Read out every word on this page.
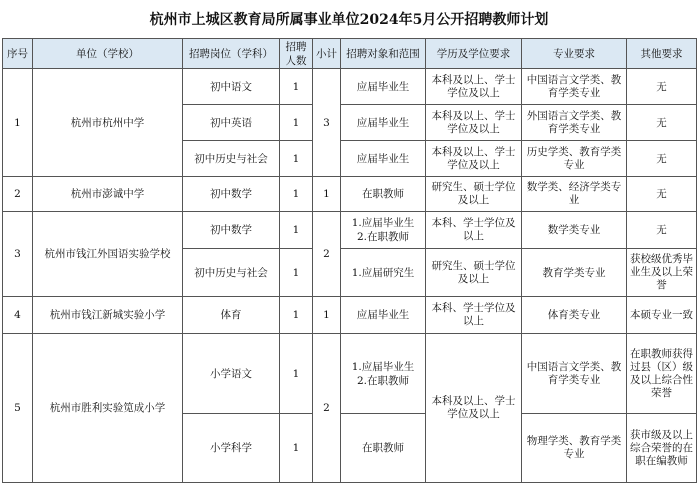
杭州市上城区教育局所属事业单位2024年5月公开招聘教师计划
序号	单位（学校）	招聘岗位（学科）	招聘人数	小计	招聘对象和范围	学历及学位要求	专业要求	其他要求
1	杭州市杭州中学	初中语文	1	3	应届毕业生	本科及以上、学士学位及以上	中国语言文学类、教育学类专业	无
		初中英语	1		应届毕业生	本科及以上、学士学位及以上	外国语言文学类、教育学类专业	无
		初中历史与社会	1		应届毕业生	本科及以上、学士学位及以上	历史学类、教育学类专业	无
2	杭州市澎诚中学	初中数学	1	1	在职教师	研究生、硕士学位及以上	数学类、经济学类专业	无
3	杭州市钱江外国语实验学校	初中数学	1	2	1.应届毕业生
2.在职教师	本科、学士学位及以上	数学类专业	无
		初中历史与社会	1		1.应届研究生	研究生、硕士学位及以上	教育学类专业	获校级优秀毕业生及以上荣誉
4	杭州市钱江新城实验小学	体育	1	1	应届毕业生	本科、学士学位及以上	体育类专业	本硕专业一致
5	杭州市胜利实验笕成小学	小学语文	1	2	1.应届毕业生
2.在职教师	本科及以上、学士学位及以上	中国语言文学类、教育学类专业	在职教师获得过县（区）级及以上综合性荣誉
		小学科学	1		在职教师		物理学类、教育学类专业	获市级及以上综合荣誉的在职在编教师
